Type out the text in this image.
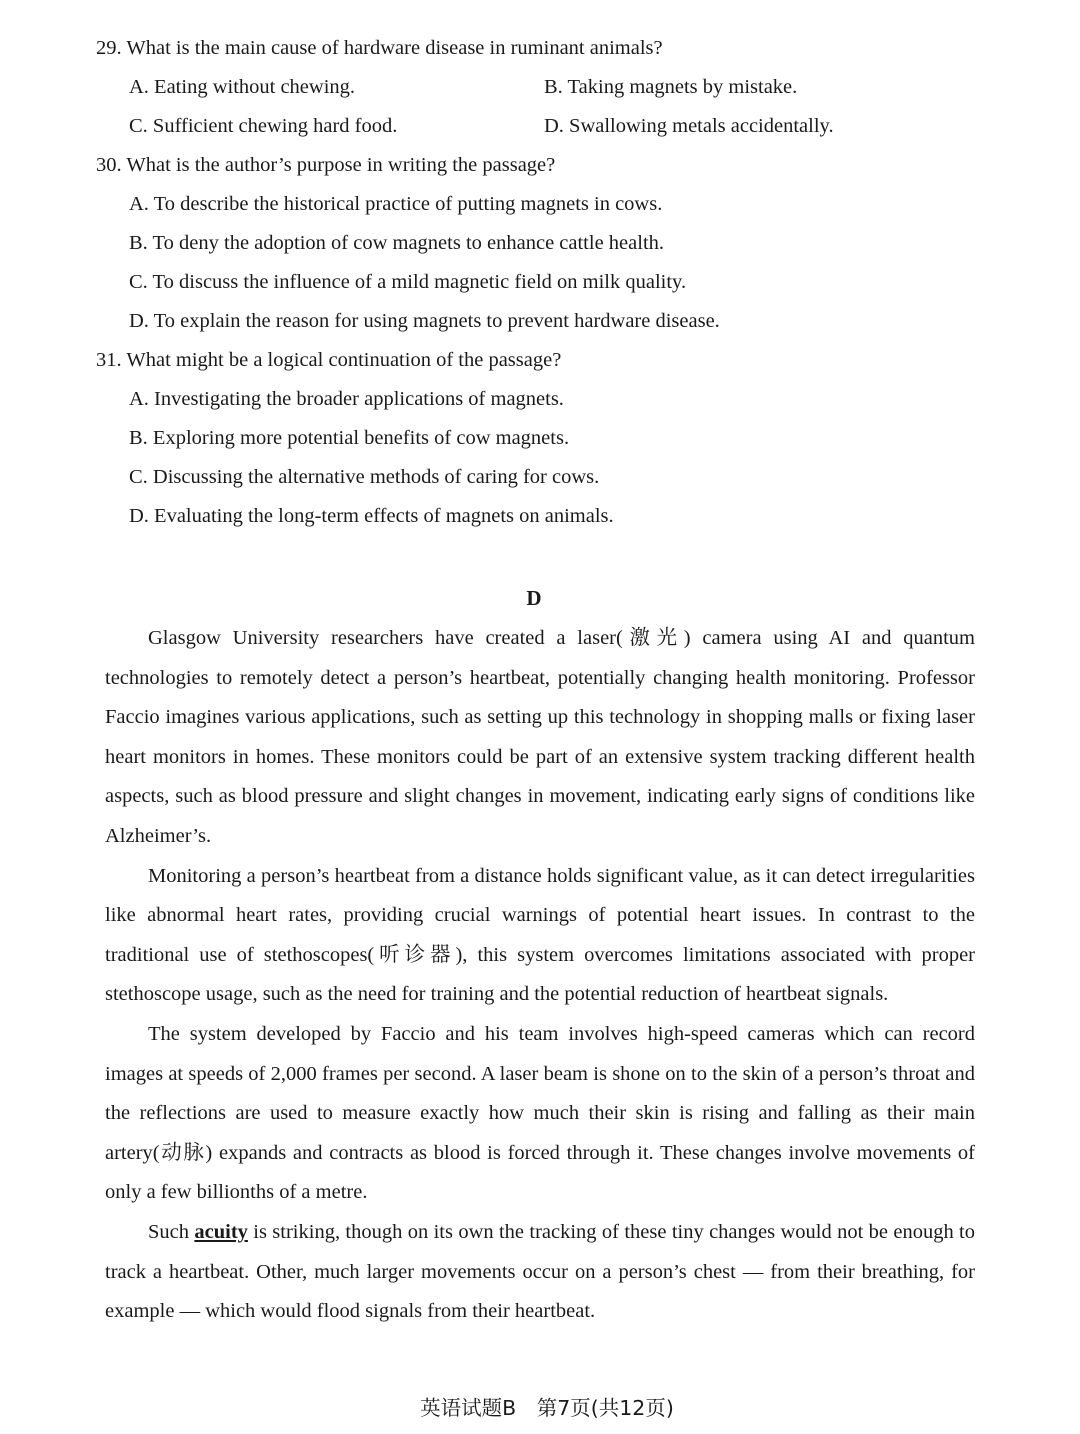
29. What is the main cause of hardware disease in ruminant animals?
A. Eating without chewing.	B. Taking magnets by mistake.
C. Sufficient chewing hard food.	D. Swallowing metals accidentally.
30. What is the author’s purpose in writing the passage?
A. To describe the historical practice of putting magnets in cows.
B. To deny the adoption of cow magnets to enhance cattle health.
C. To discuss the influence of a mild magnetic field on milk quality.
D. To explain the reason for using magnets to prevent hardware disease.
31. What might be a logical continuation of the passage?
A. Investigating the broader applications of magnets.
B. Exploring more potential benefits of cow magnets.
C. Discussing the alternative methods of caring for cows.
D. Evaluating the long-term effects of magnets on animals.
D

Glasgow University researchers have created a laser(激光) camera using AI and quantum technologies to remotely detect a person’s heartbeat, potentially changing health monitoring. Professor Faccio imagines various applications, such as setting up this technology in shopping malls or fixing laser heart monitors in homes. These monitors could be part of an extensive system tracking different health aspects, such as blood pressure and slight changes in movement, indicating early signs of conditions like Alzheimer’s.

Monitoring a person’s heartbeat from a distance holds significant value, as it can detect irregularities like abnormal heart rates, providing crucial warnings of potential heart issues. In contrast to the traditional use of stethoscopes(听诊器), this system overcomes limitations associated with proper stethoscope usage, such as the need for training and the potential reduction of heartbeat signals.

The system developed by Faccio and his team involves high-speed cameras which can record images at speeds of 2,000 frames per second. A laser beam is shone on to the skin of a person’s throat and the reflections are used to measure exactly how much their skin is rising and falling as their main artery(动脉) expands and contracts as blood is forced through it. These changes involve movements of only a few billionths of a metre.

Such acuity is striking, though on its own the tracking of these tiny changes would not be enough to track a heartbeat. Other, much larger movements occur on a person’s chest — from their breathing, for example — which would flood signals from their heartbeat.

英语试题B　第7页(共12页)
